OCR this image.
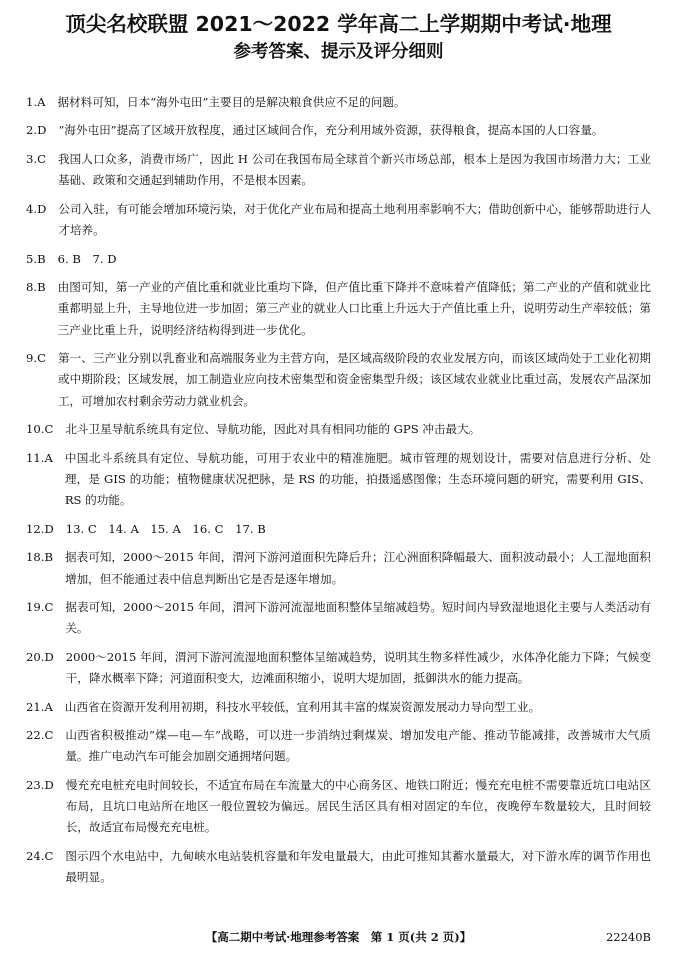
顶尖名校联盟 2021～2022 学年高二上学期期中考试·地理
参考答案、提示及评分细则
1. A 据材料可知，日本“海外屯田”主要目的是解决粮食供应不足的问题。
2. D “海外屯田”提高了区域开放程度，通过区域间合作，充分利用域外资源，获得粮食，提高本国的人口容量。
3. C 我国人口众多，消费市场广，因此 H 公司在我国布局全球首个新兴市场总部，根本上是因为我国市场潜力大；工业基础、政策和交通起到辅助作用，不是根本因素。
4. D 公司入驻，有可能会增加环境污染，对于优化产业布局和提高土地利用率影响不大；借助创新中心，能够帮助进行人才培养。
5. B 6. B　7. D
8. B 由图可知，第一产业的产值比重和就业比重均下降，但产值比重下降并不意味着产值降低；第二产业的产值和就业比重都明显上升，主导地位进一步加固；第三产业的就业人口比重上升远大于产值比重上升，说明劳动生产率较低；第三产业比重上升，说明经济结构得到进一步优化。
9. C 第一、三产业分别以乳畜业和高端服务业为主营方向，是区域高级阶段的农业发展方向，而该区域尚处于工业化初期或中期阶段；区域发展，加工制造业应向技术密集型和资金密集型升级；该区域农业就业比重过高，发展农产品深加工，可增加农村剩余劳动力就业机会。
10. C 北斗卫星导航系统具有定位、导航功能，因此对具有相同功能的 GPS 冲击最大。
11. A 中国北斗系统具有定位、导航功能，可用于农业中的精准施肥。城市管理的规划设计，需要对信息进行分析、处理，是 GIS 的功能；植物健康状况把脉，是 RS 的功能，拍摄遥感图像；生态环境问题的研究，需要利用 GIS、RS 的功能。
12. D 13. C　14. A　15. A　16. C　17. B
18. B 据表可知，2000～2015 年间，渭河下游河道面积先降后升；江心洲面积降幅最大、面积波动最小；人工湿地面积增加，但不能通过表中信息判断出它是否是逐年增加。
19. C 据表可知，2000～2015 年间，渭河下游河流湿地面积整体呈缩减趋势。短时间内导致湿地退化主要与人类活动有关。
20. D 2000～2015 年间，渭河下游河流湿地面积整体呈缩减趋势，说明其生物多样性减少，水体净化能力下降；气候变干，降水概率下降；河道面积变大，边滩面积缩小，说明大堤加固，抵御洪水的能力提高。
21. A 山西省在资源开发利用初期，科技水平较低，宜利用其丰富的煤炭资源发展动力导向型工业。
22. C 山西省积极推动“煤—电—车”战略，可以进一步消纳过剩煤炭、增加发电产能、推动节能减排，改善城市大气质量。推广电动汽车可能会加剧交通拥堵问题。
23. D 慢充充电桩充电时间较长，不适宜布局在车流量大的中心商务区、地铁口附近；慢充充电桩不需要靠近坑口电站区布局，且坑口电站所在地区一般位置较为偏远。居民生活区具有相对固定的车位，夜晚停车数量较大，且时间较长，故适宜布局慢充充电桩。
24. C 图示四个水电站中，九甸峡水电站装机容量和年发电量最大，由此可推知其蓄水量最大，对下游水库的调节作用也最明显。
【高二期中考试·地理参考答案　第 1 页(共 2 页)】	22240B
